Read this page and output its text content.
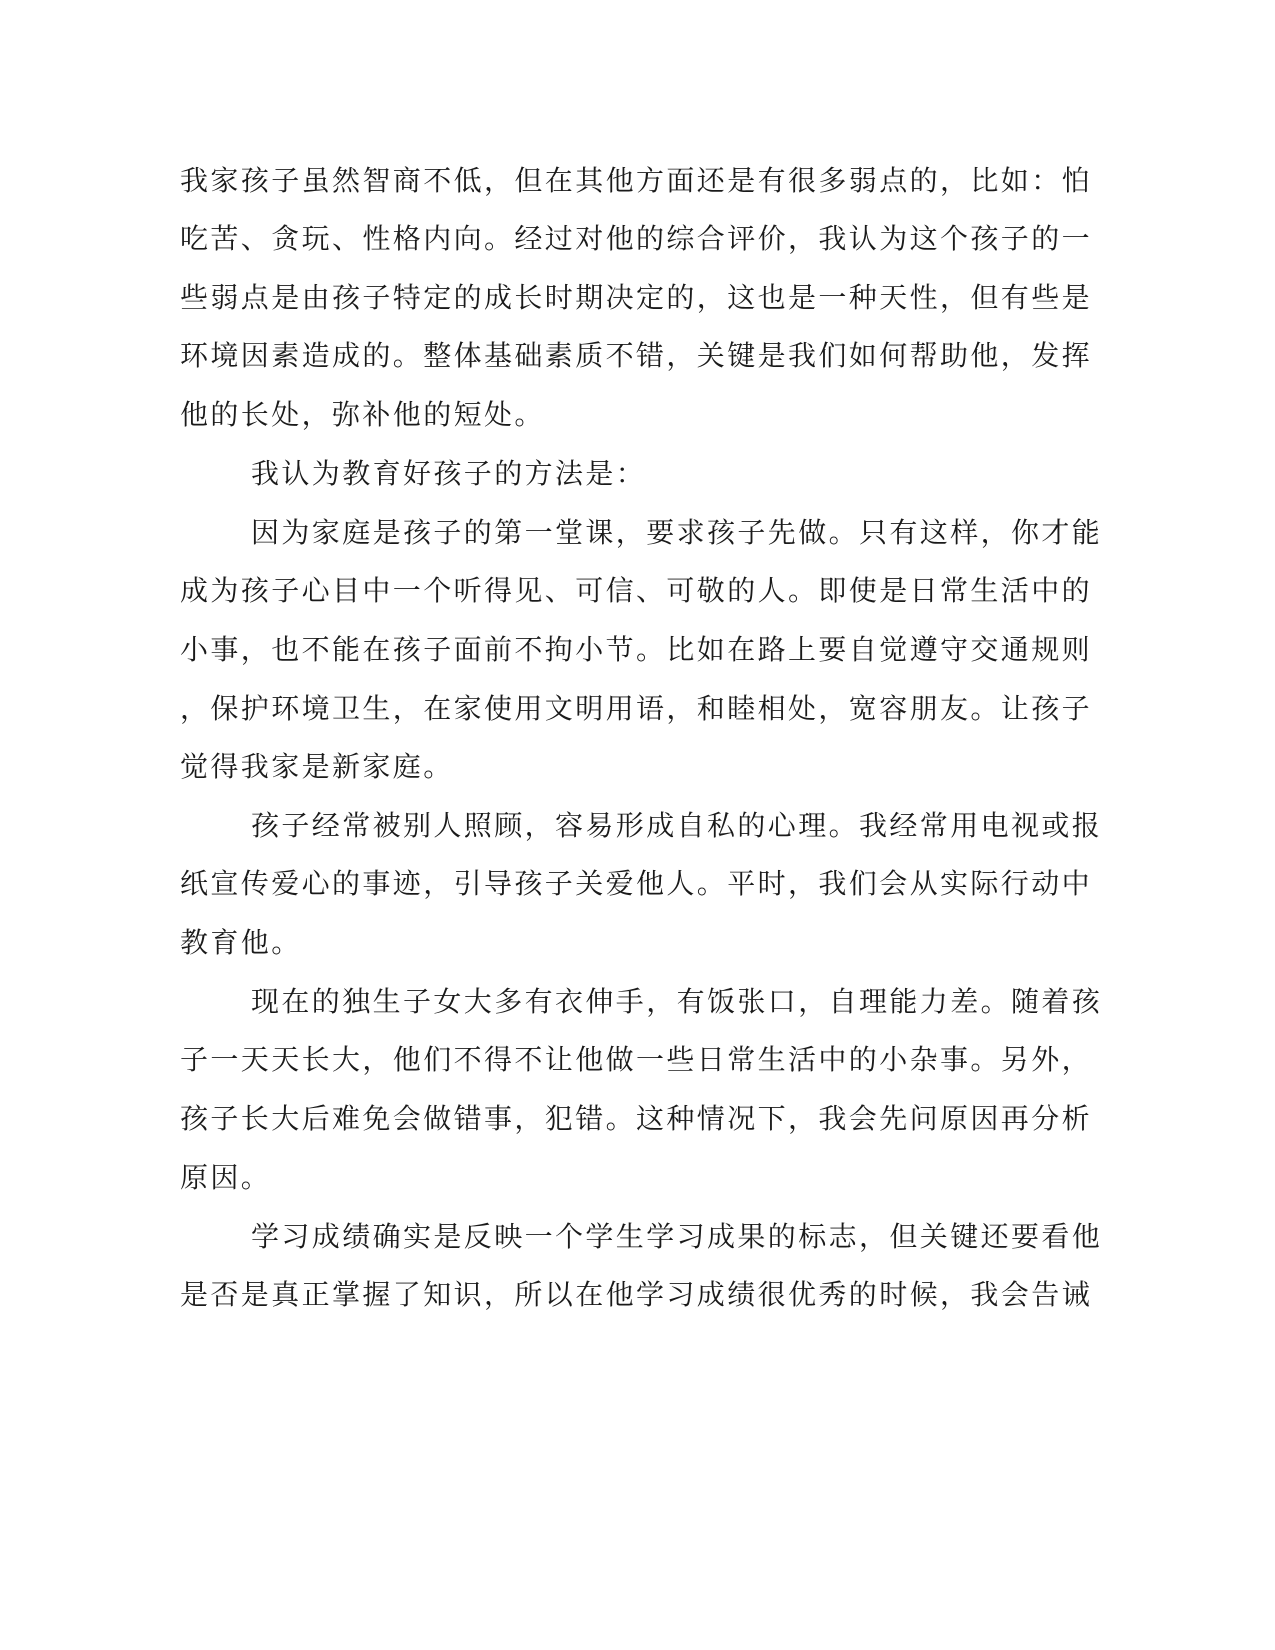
我家孩子虽然智商不低，但在其他方面还是有很多弱点的，比如：怕
吃苦、贪玩、性格内向。经过对他的综合评价，我认为这个孩子的一
些弱点是由孩子特定的成长时期决定的，这也是一种天性，但有些是
环境因素造成的。整体基础素质不错，关键是我们如何帮助他，发挥
他的长处，弥补他的短处。
我认为教育好孩子的方法是：
因为家庭是孩子的第一堂课，要求孩子先做。只有这样，你才能
成为孩子心目中一个听得见、可信、可敬的人。即使是日常生活中的
小事，也不能在孩子面前不拘小节。比如在路上要自觉遵守交通规则
，保护环境卫生，在家使用文明用语，和睦相处，宽容朋友。让孩子
觉得我家是新家庭。
孩子经常被别人照顾，容易形成自私的心理。我经常用电视或报
纸宣传爱心的事迹，引导孩子关爱他人。平时，我们会从实际行动中
教育他。
现在的独生子女大多有衣伸手，有饭张口，自理能力差。随着孩
子一天天长大，他们不得不让他做一些日常生活中的小杂事。另外，
孩子长大后难免会做错事，犯错。这种情况下，我会先问原因再分析
原因。
学习成绩确实是反映一个学生学习成果的标志，但关键还要看他
是否是真正掌握了知识，所以在他学习成绩很优秀的时候，我会告诫
